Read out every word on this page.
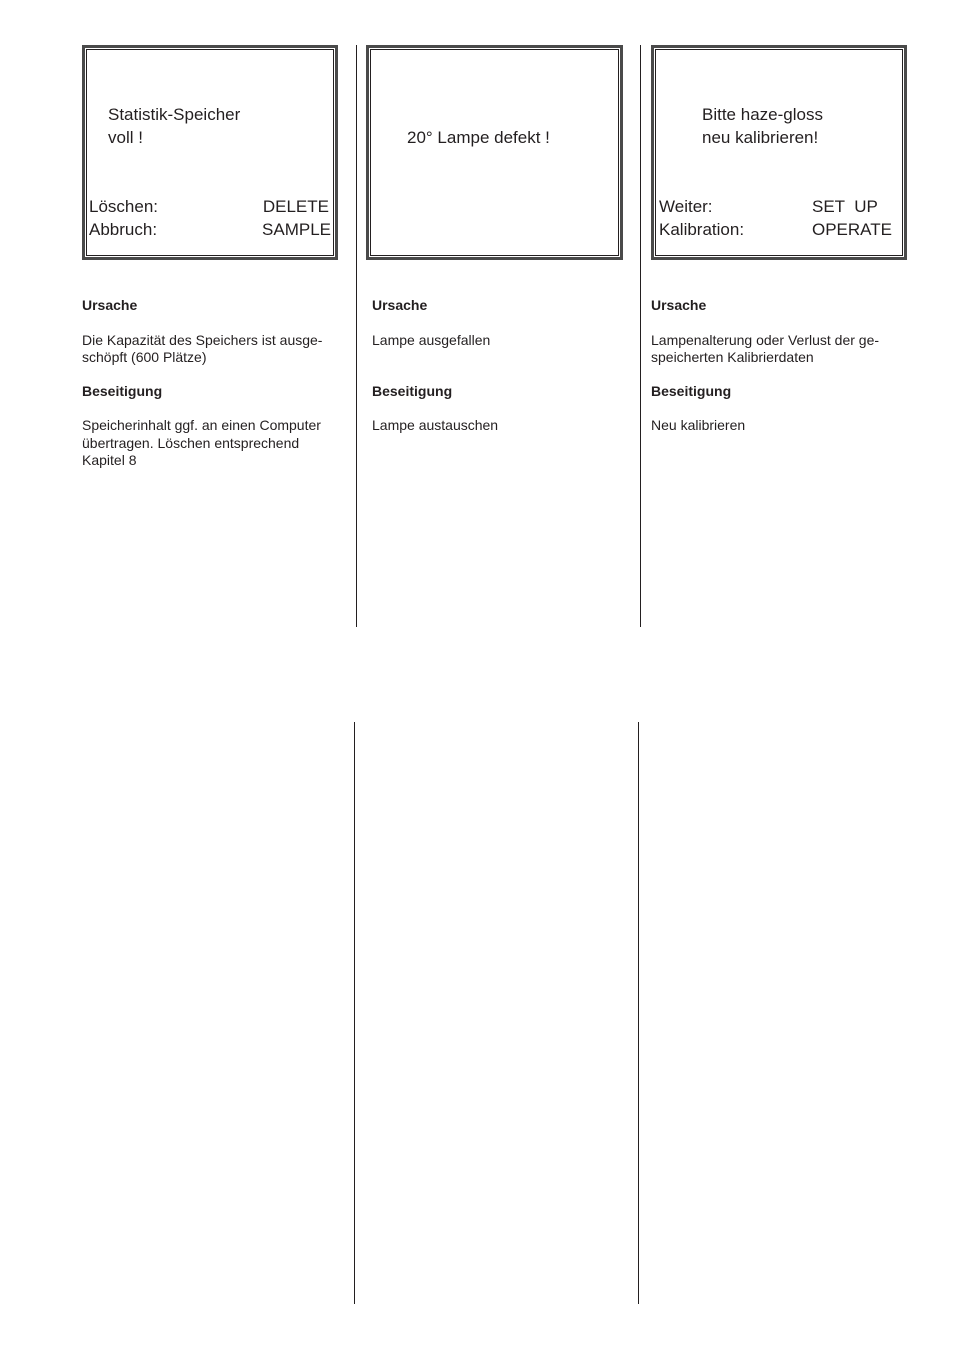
Statistik-Speicher
voll !
Löschen:	DELETE
Abbruch:	SAMPLE
20° Lampe defekt !
Bitte haze-gloss
neu kalibrieren!
Weiter:	SET  UP
Kalibration:	OPERATE

Ursache

Die Kapazität des Speichers ist ausge-

schöpft (600 Plätze)

Beseitigung

Speicherinhalt ggf. an einen Computer

übertragen. Löschen entsprechend

Kapitel 8

Ursache

Lampe ausgefallen

Beseitigung

Lampe austauschen

Ursache

Lampenalterung oder Verlust der ge-

speicherten Kalibrierdaten

Beseitigung

Neu kalibrieren
